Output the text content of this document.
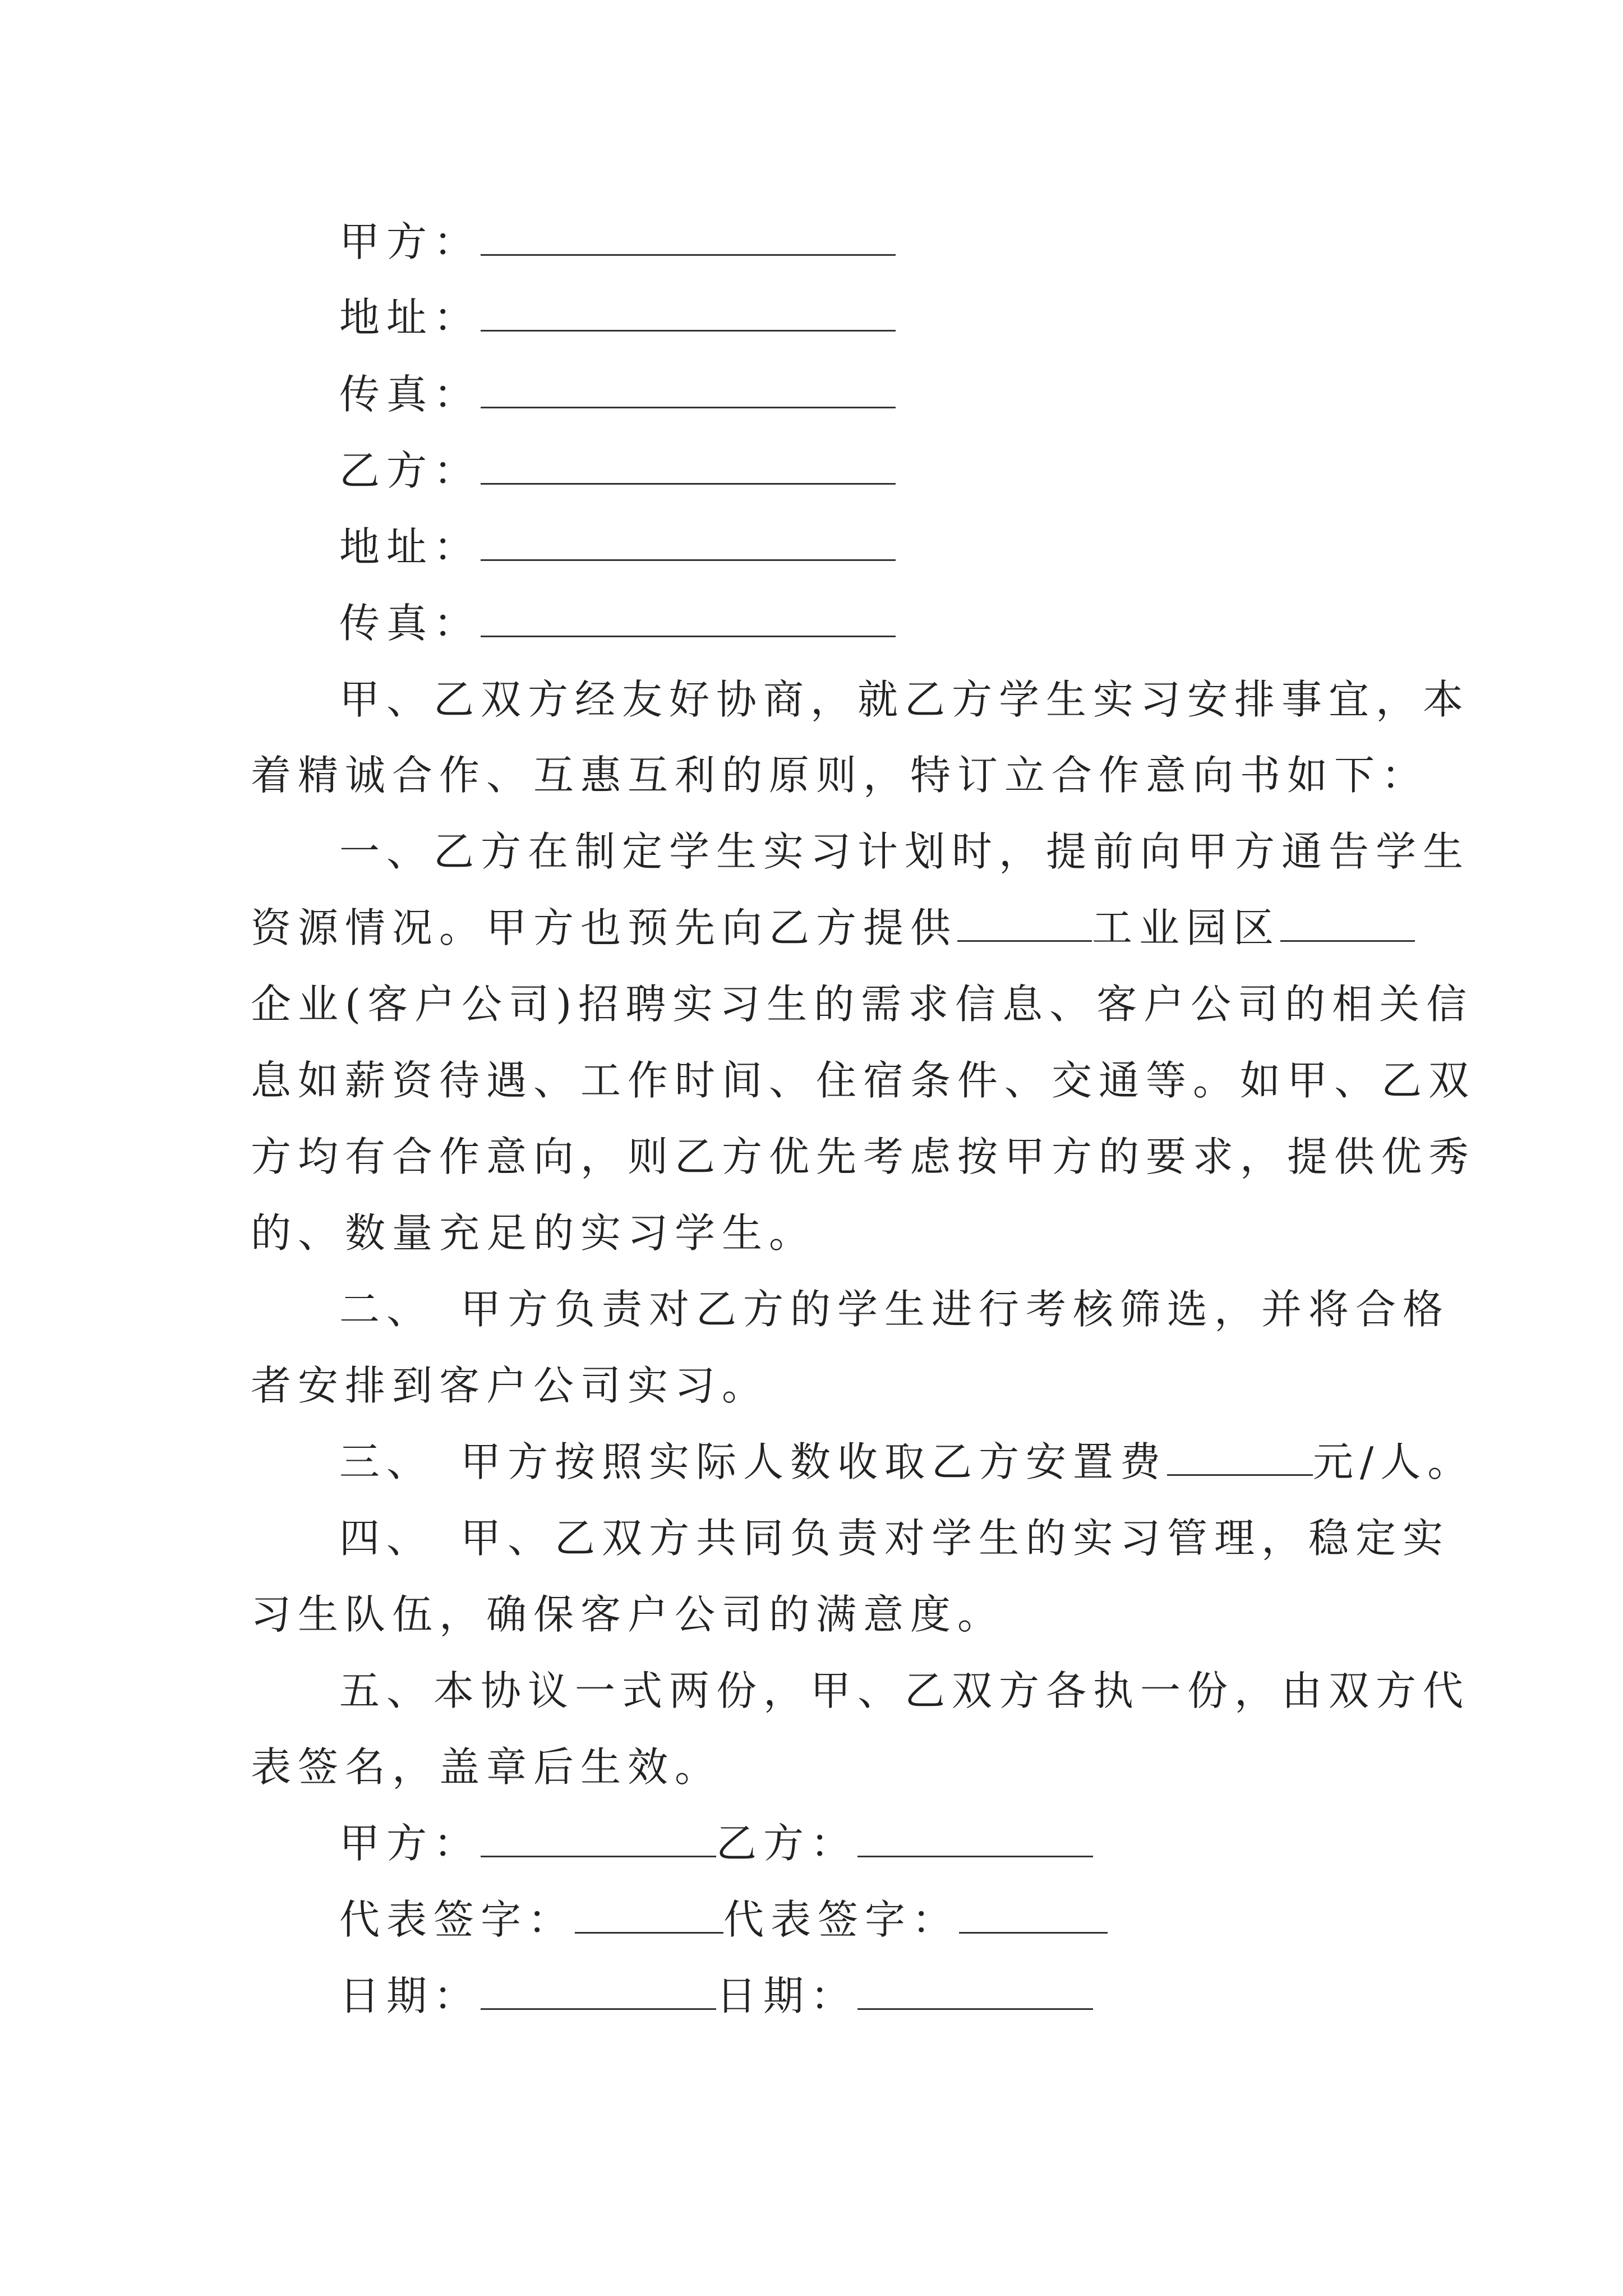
甲方：
地址：
传真：
乙方：
地址：
传真：
甲、乙双方经友好协商，就乙方学生实习安排事宜，本
着精诚合作、互惠互利的原则，特订立合作意向书如下：
一、乙方在制定学生实习计划时，提前向甲方通告学生
资源情况。甲方也预先向乙方提供	工业园区
企业(客户公司)招聘实习生的需求信息、客户公司的相关信
息如薪资待遇、工作时间、住宿条件、交通等。如甲、乙双
方均有合作意向，则乙方优先考虑按甲方的要求，提供优秀
的、数量充足的实习学生。
二、　甲方负责对乙方的学生进行考核筛选，并将合格
者安排到客户公司实习。
三、　甲方按照实际人数收取乙方安置费	元/人。
四、　甲、乙双方共同负责对学生的实习管理，稳定实
习生队伍，确保客户公司的满意度。
五、本协议一式两份，甲、乙双方各执一份，由双方代
表签名，盖章后生效。
甲方：	乙方：
代表签字：	代表签字：
日期：	日期：
